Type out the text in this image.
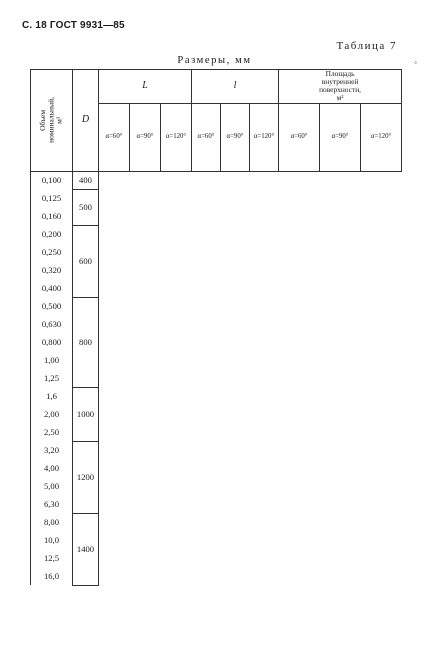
С. 18 ГОСТ 9931—85
Таблица 7
◦
Размеры, мм
Объем
номинальный,
м³	D	L			l			Площадь
внутренней
поверхности,
м²		

		α=60°	α=90°	α=120°	α=60°	α=90°	α=120°	α=60°	α=90°	α=120°
0,100	400									

0,125	500									

0,160										

0,200	600									

0,250										

0,320										

0,400										

0,500	800									

0,630										

0,800										

1,00										

1,25										

1,6	1000									

2,00										

2,50										

3,20	1200									

4,00										

5,00										

6,30										

8,00	1400									

10,0										

12,5										

16,0										
